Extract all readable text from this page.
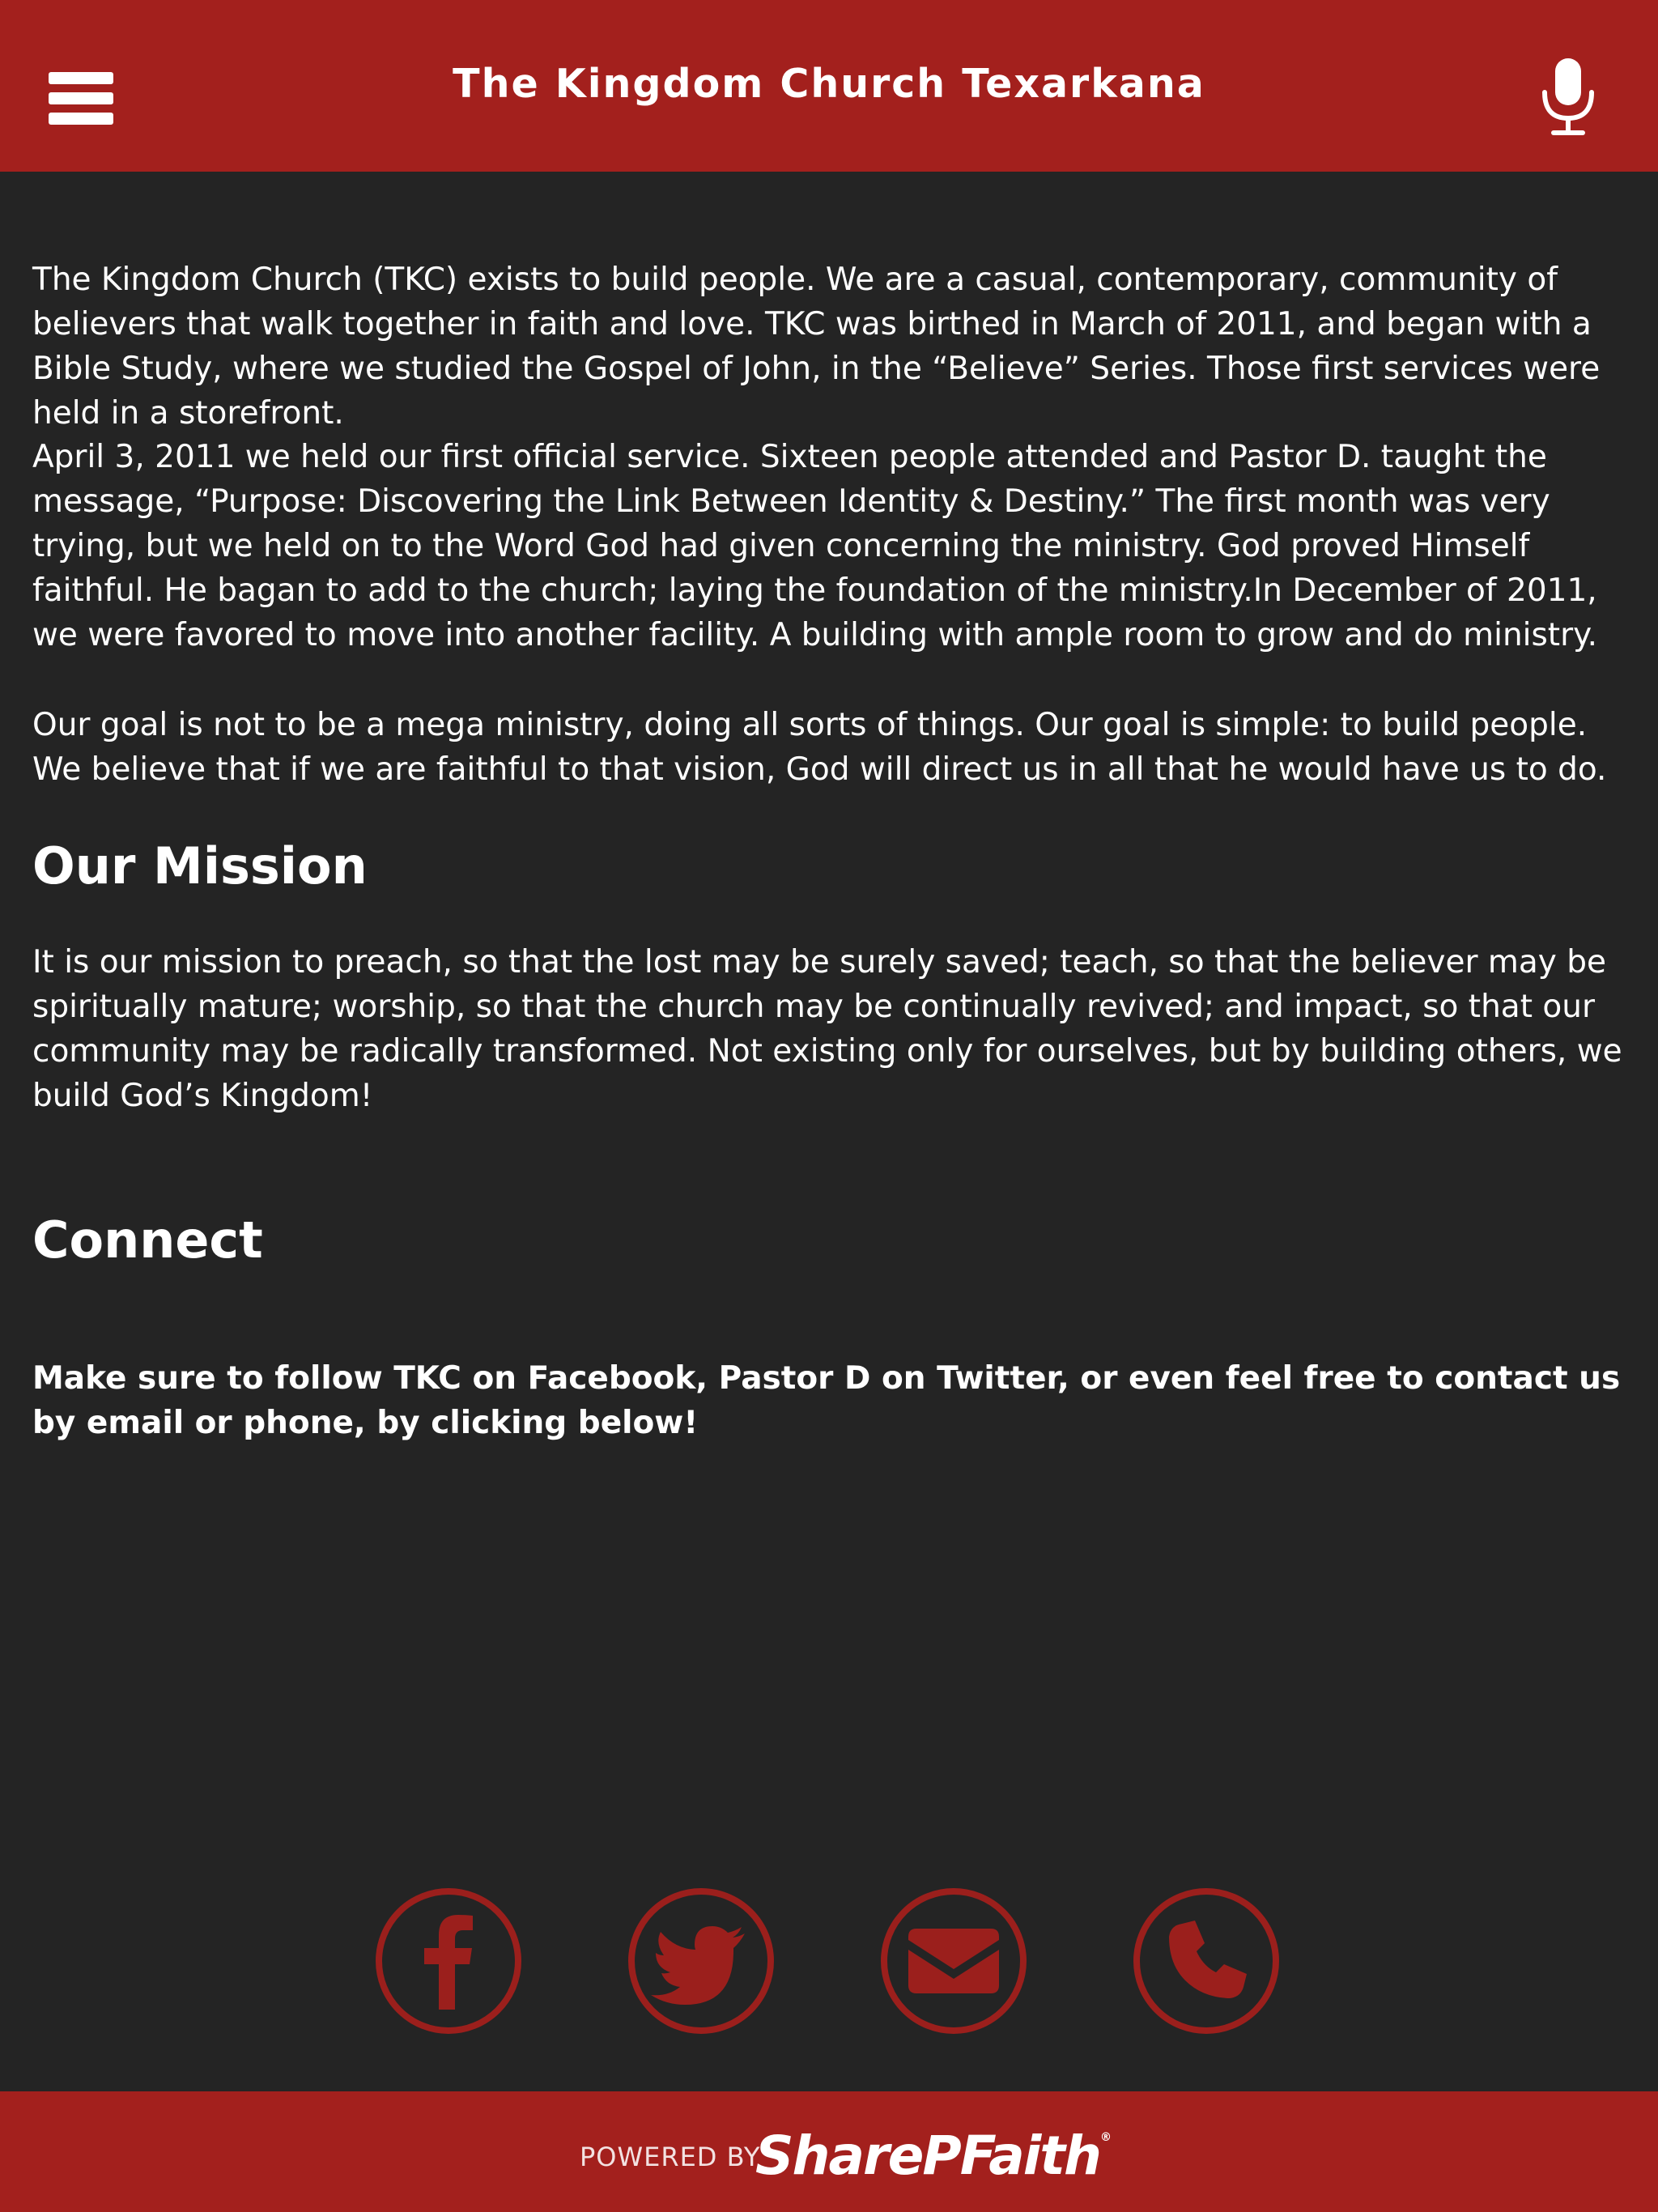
The Kingdom Church Texarkana

The Kingdom Church (TKC) exists to build people. We are a casual, contemporary, community of believers that walk together in faith and love. TKC was birthed in March of 2011, and began with a Bible Study, where we studied the Gospel of John, in the “Believe” Series. Those first services were held in a storefront.

April 3, 2011 we held our first official service. Sixteen people attended and Pastor D. taught the message, “Purpose: Discovering the Link Between Identity & Destiny.” The first month was very trying, but we held on to the Word God had given concerning the ministry. God proved Himself faithful. He bagan to add to the church; laying the foundation of the ministry.In December of 2011, we were favored to move into another facility. A building with ample room to grow and do ministry.

Our goal is not to be a mega ministry, doing all sorts of things. Our goal is simple: to build people. We believe that if we are faithful to that vision, God will direct us in all that he would have us to do.

Our Mission

It is our mission to preach, so that the lost may be surely saved; teach, so that the believer may be spiritually mature; worship, so that the church may be continually revived; and impact, so that our community may be radically transformed. Not existing only for ourselves, but by building others, we build God’s Kingdom!

Connect

Make sure to follow TKC on Facebook, Pastor D on Twitter, or even feel free to contact us by email or phone, by clicking below!

POWERED BY
SharePFaith®
